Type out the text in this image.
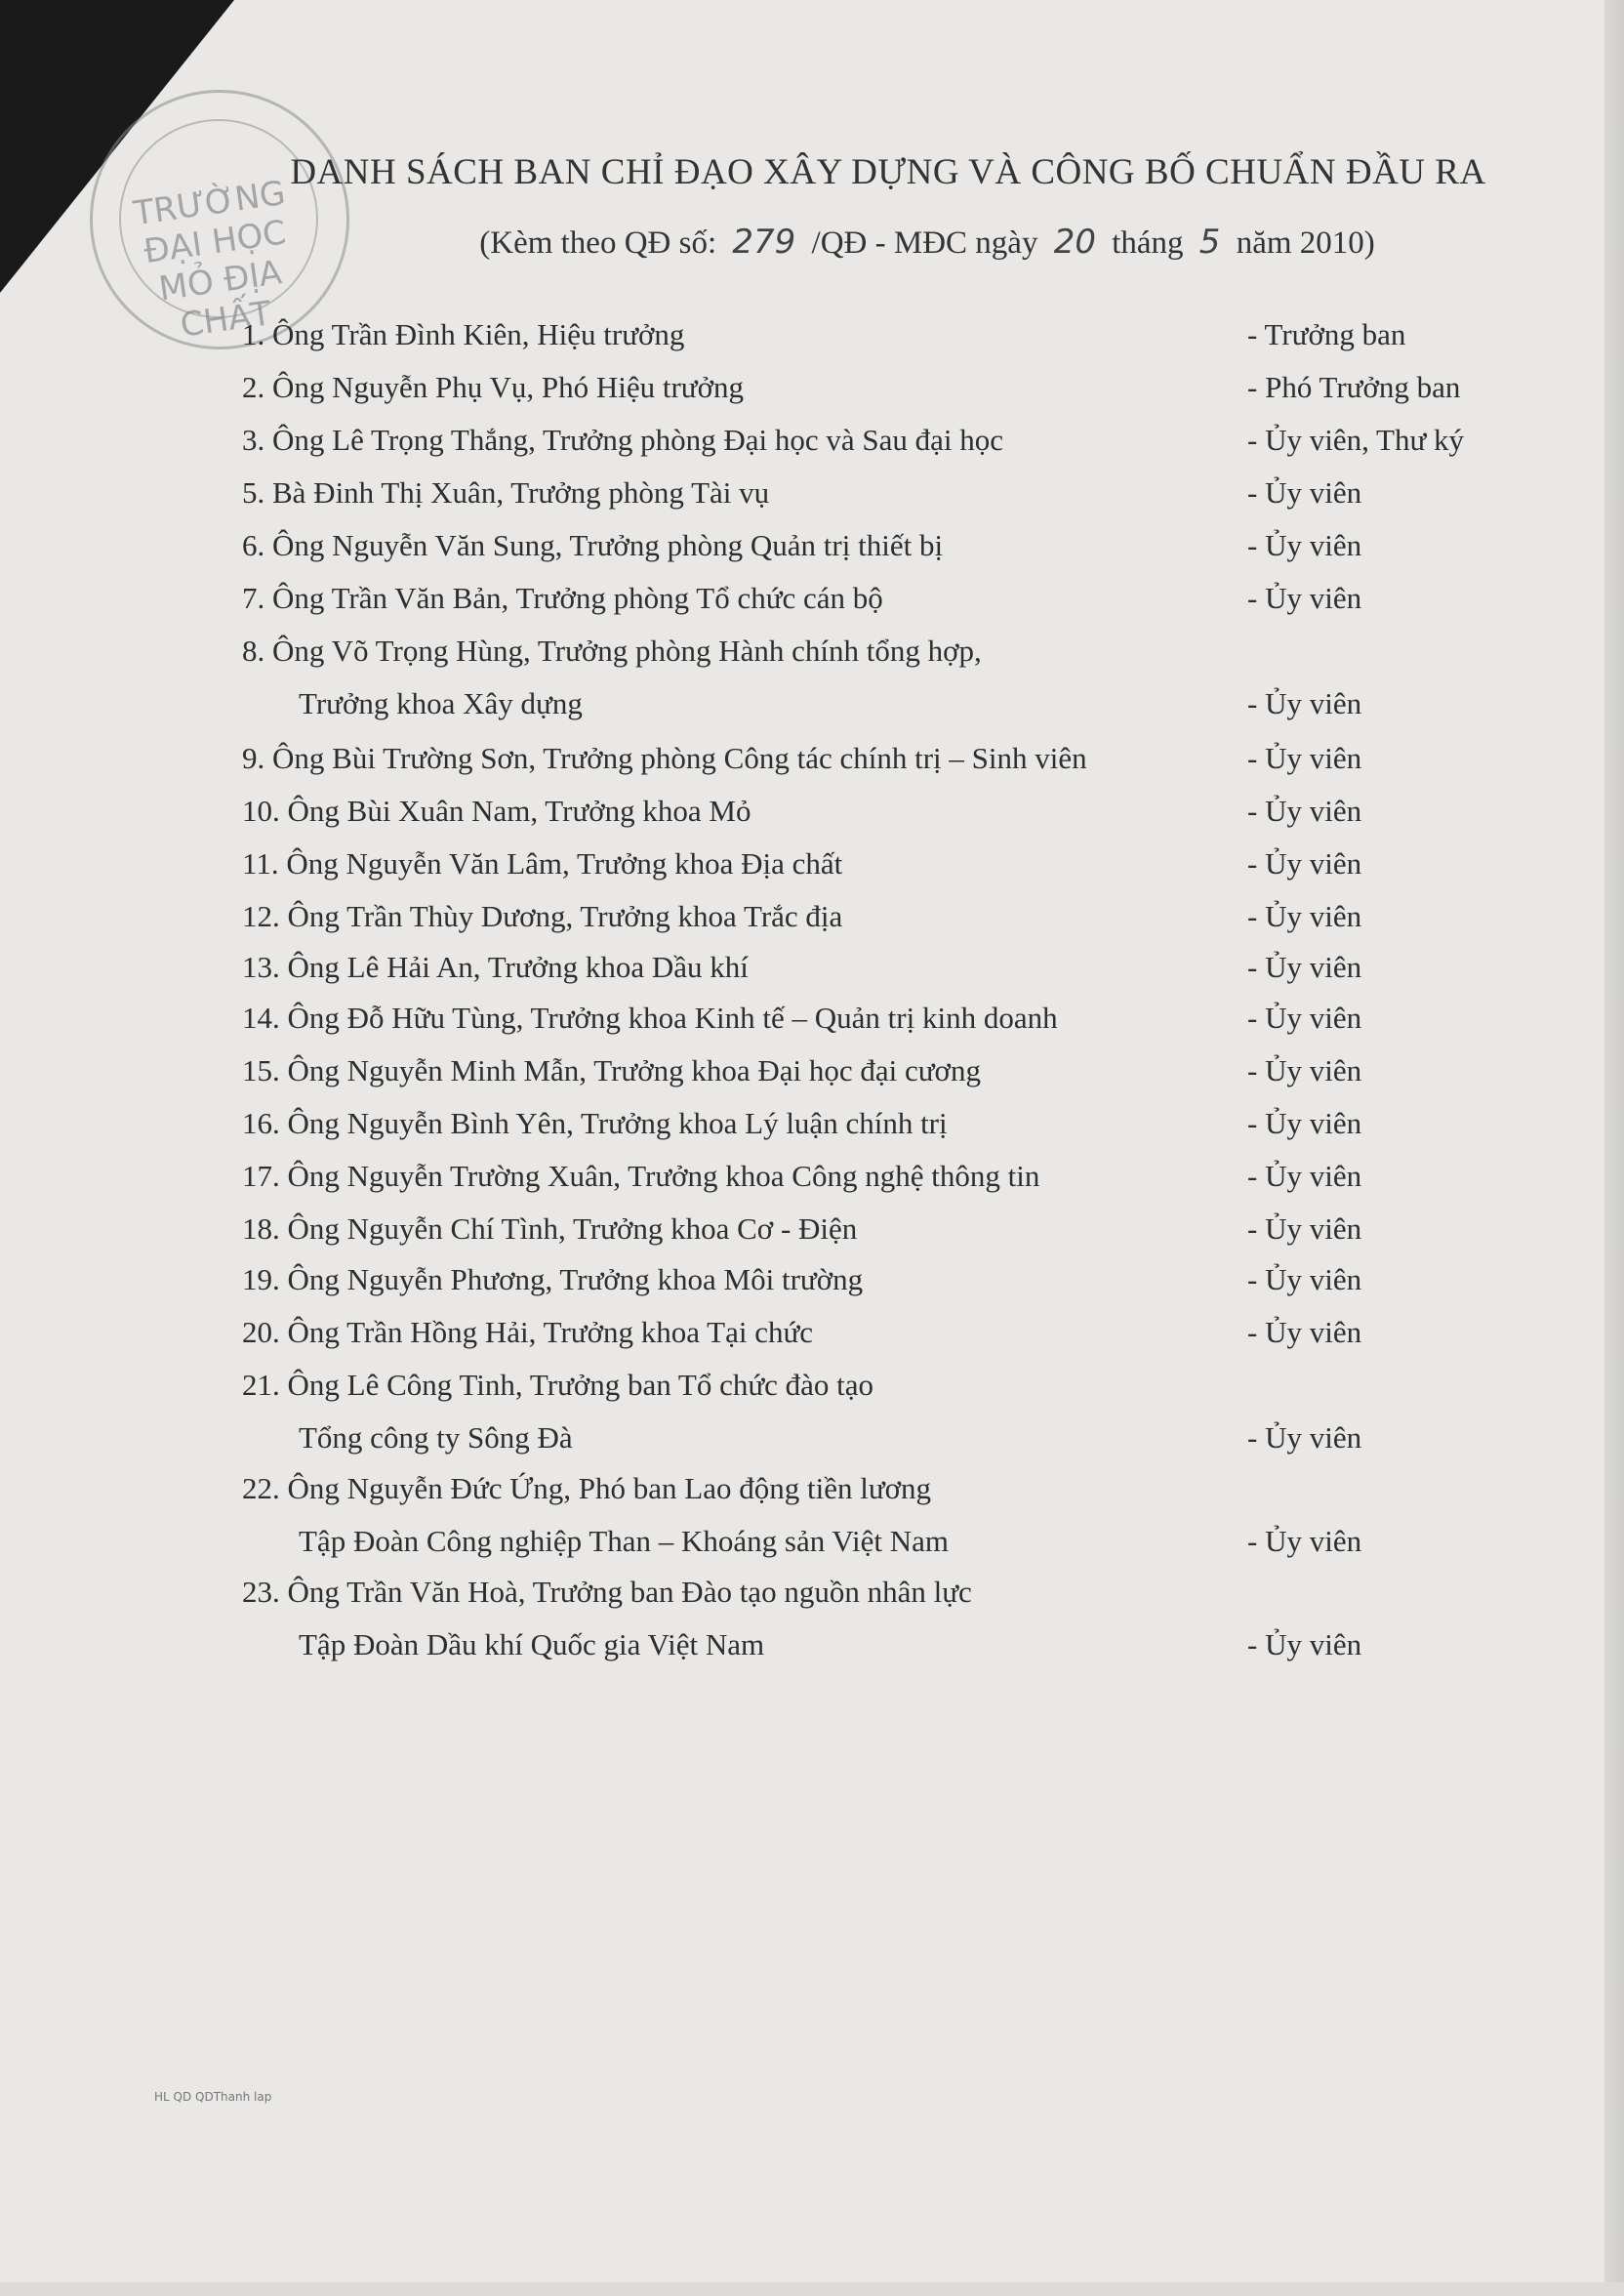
TRƯỜNG ĐẠI HỌC MỎ ĐỊA CHẤT
DANH SÁCH BAN CHỈ ĐẠO XÂY DỰNG VÀ CÔNG BỐ CHUẨN ĐẦU RA
(Kèm theo QĐ số: 279 /QĐ - MĐC ngày 20 tháng 5 năm 2010)
1. Ông Trần Đình Kiên, Hiệu trưởng	- Trưởng ban
2. Ông Nguyễn Phụ Vụ, Phó Hiệu trưởng	- Phó Trưởng ban
3. Ông Lê Trọng Thắng, Trưởng phòng Đại học và Sau đại học	- Ủy viên, Thư ký
5. Bà Đinh Thị Xuân, Trưởng phòng Tài vụ	- Ủy viên
6. Ông Nguyễn Văn Sung, Trưởng phòng Quản trị thiết bị	- Ủy viên
7. Ông Trần Văn Bản, Trưởng phòng Tổ chức cán bộ	- Ủy viên
8. Ông Võ Trọng Hùng, Trưởng phòng Hành chính tổng hợp,
Trưởng khoa Xây dựng	- Ủy viên
9. Ông Bùi Trường Sơn, Trưởng phòng Công tác chính trị – Sinh viên	- Ủy viên
10. Ông Bùi Xuân Nam, Trưởng khoa Mỏ	- Ủy viên
11. Ông Nguyễn Văn Lâm, Trưởng khoa Địa chất	- Ủy viên
12. Ông Trần Thùy Dương, Trưởng khoa Trắc địa	- Ủy viên
13. Ông Lê Hải An, Trưởng khoa Dầu khí	- Ủy viên
14. Ông Đỗ Hữu Tùng, Trưởng khoa Kinh tế – Quản trị kinh doanh	- Ủy viên
15. Ông Nguyễn Minh Mẫn, Trưởng khoa Đại học đại cương	- Ủy viên
16. Ông Nguyễn Bình Yên, Trưởng khoa Lý luận chính trị	- Ủy viên
17. Ông Nguyễn Trường Xuân, Trưởng khoa Công nghệ thông tin	- Ủy viên
18. Ông Nguyễn Chí Tình, Trưởng khoa Cơ - Điện	- Ủy viên
19. Ông Nguyễn Phương, Trưởng khoa Môi trường	- Ủy viên
20. Ông Trần Hồng Hải, Trưởng khoa Tại chức	- Ủy viên
21. Ông Lê Công Tinh, Trưởng ban Tổ chức đào tạo
Tổng công ty Sông Đà	- Ủy viên
22. Ông Nguyễn Đức Ứng, Phó ban Lao động tiền lương
Tập Đoàn Công nghiệp Than – Khoáng sản Việt Nam	- Ủy viên
23. Ông Trần Văn Hoà, Trưởng ban Đào tạo nguồn nhân lực
Tập Đoàn Dầu khí Quốc gia Việt Nam	- Ủy viên
HL QD QDThanh lap
